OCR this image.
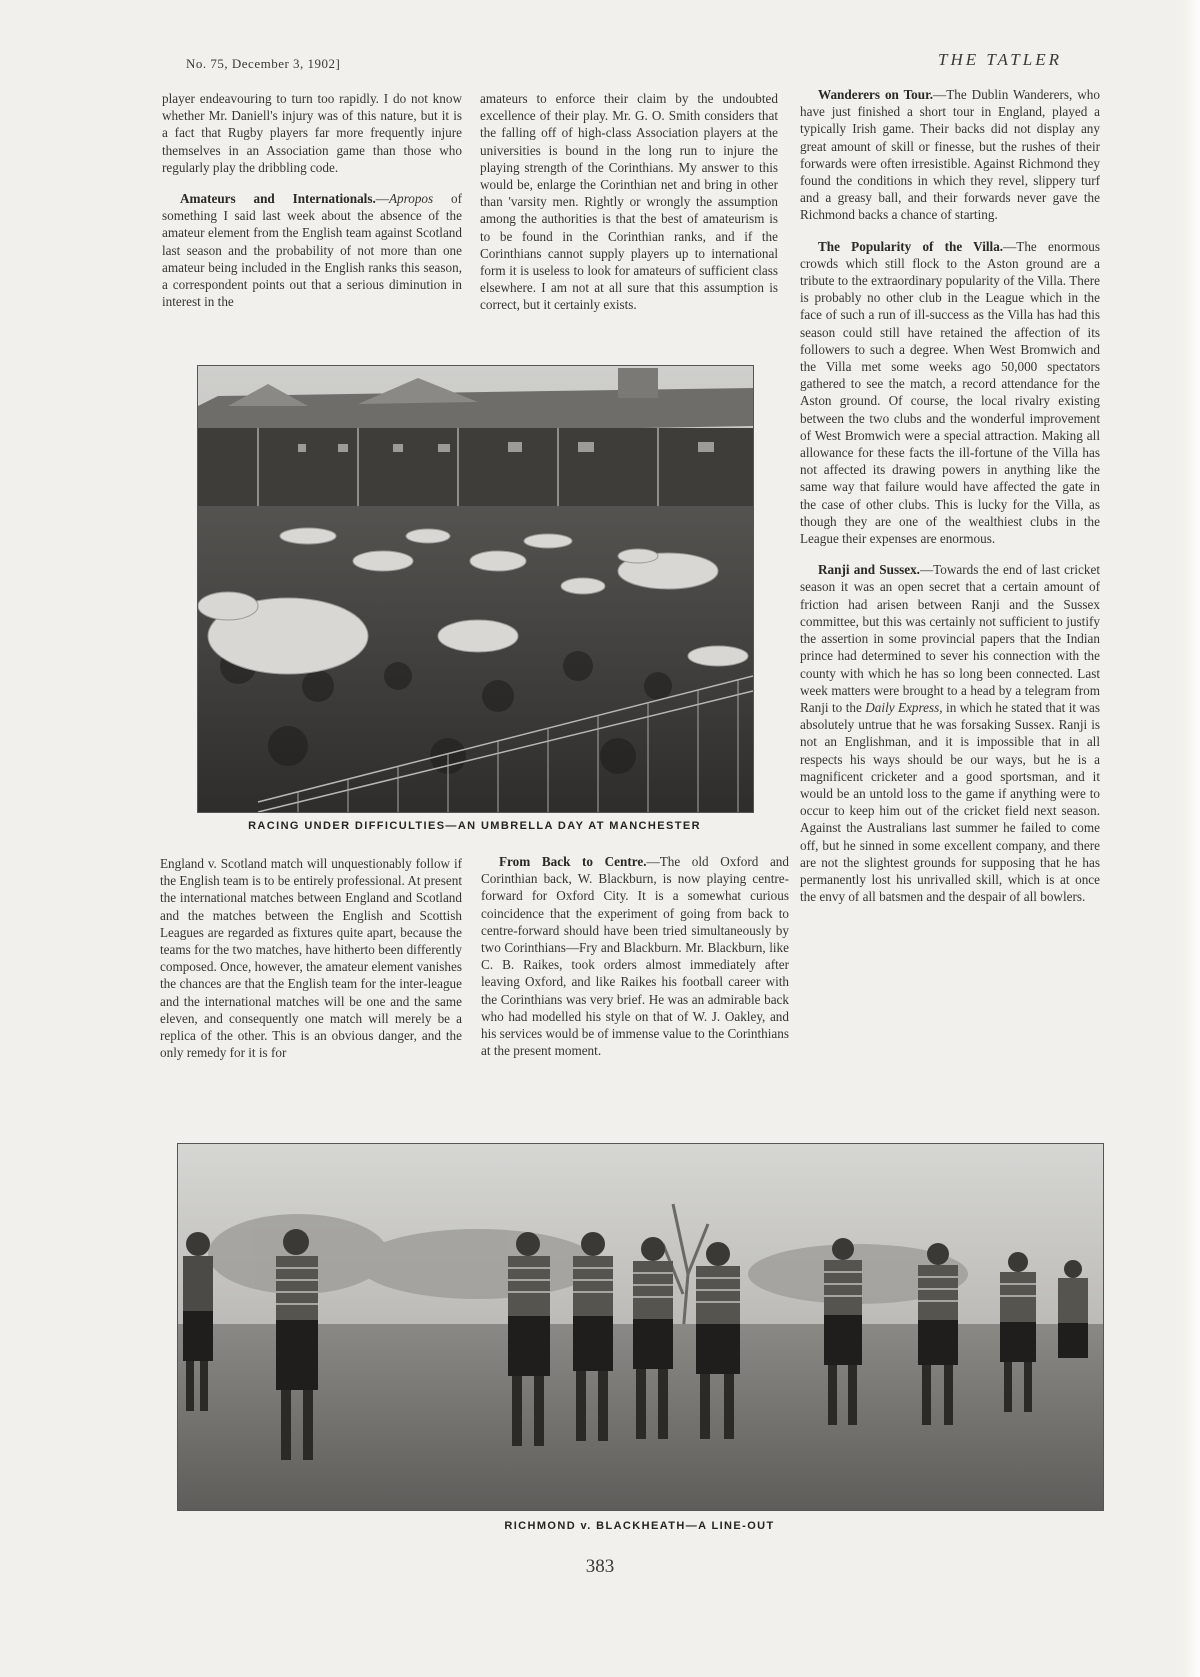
No. 75, December 3, 1902]	THE TATLER

player endeavouring to turn too rapidly. I do not know whether Mr. Daniell's injury was of this nature, but it is a fact that Rugby players far more frequently injure themselves in an Association game than those who regularly play the dribbling code.

Amateurs and Internationals.—Apropos of something I said last week about the absence of the amateur element from the English team against Scotland last season and the probability of not more than one amateur being included in the English ranks this season, a correspondent points out that a serious diminution in interest in the

amateurs to enforce their claim by the undoubted excellence of their play. Mr. G. O. Smith considers that the falling off of high-class Association players at the universities is bound in the long run to injure the playing strength of the Corinthians. My answer to this would be, enlarge the Corinthian net and bring in other than 'varsity men. Rightly or wrongly the assumption among the authorities is that the best of amateurism is to be found in the Corinthian ranks, and if the Corinthians cannot supply players up to international form it is useless to look for amateurs of sufficient class elsewhere. I am not at all sure that this assumption is correct, but it certainly exists.

Wanderers on Tour.—The Dublin Wanderers, who have just finished a short tour in England, played a typically Irish game. Their backs did not display any great amount of skill or finesse, but the rushes of their forwards were often irresistible. Against Richmond they found the conditions in which they revel, slippery turf and a greasy ball, and their forwards never gave the Richmond backs a chance of starting.

The Popularity of the Villa.—The enormous crowds which still flock to the Aston ground are a tribute to the extraordinary popularity of the Villa. There is probably no other club in the League which in the face of such a run of ill-success as the Villa has had this season could still have retained the affection of its followers to such a degree. When West Bromwich and the Villa met some weeks ago 50,000 spectators gathered to see the match, a record attendance for the Aston ground. Of course, the local rivalry existing between the two clubs and the wonderful improvement of West Bromwich were a special attraction. Making all allowance for these facts the ill-fortune of the Villa has not affected its drawing powers in anything like the same way that failure would have affected the gate in the case of other clubs. This is lucky for the Villa, as though they are one of the wealthiest clubs in the League their expenses are enormous.

Ranji and Sussex.—Towards the end of last cricket season it was an open secret that a certain amount of friction had arisen between Ranji and the Sussex committee, but this was certainly not sufficient to justify the assertion in some provincial papers that the Indian prince had determined to sever his connection with the county with which he has so long been connected. Last week matters were brought to a head by a telegram from Ranji to the Daily Express, in which he stated that it was absolutely untrue that he was forsaking Sussex. Ranji is not an Englishman, and it is impossible that in all respects his ways should be our ways, but he is a magnificent cricketer and a good sportsman, and it would be an untold loss to the game if anything were to occur to keep him out of the cricket field next season. Against the Australians last summer he failed to come off, but he sinned in some excellent company, and there are not the slightest grounds for supposing that he has permanently lost his unrivalled skill, which is at once the envy of all batsmen and the despair of all bowlers.

RACING UNDER DIFFICULTIES—AN UMBRELLA DAY AT MANCHESTER

England v. Scotland match will unquestionably follow if the English team is to be entirely professional. At present the international matches between England and Scotland and the matches between the English and Scottish Leagues are regarded as fixtures quite apart, because the teams for the two matches, have hitherto been differently composed. Once, however, the amateur element vanishes the chances are that the English team for the inter-league and the international matches will be one and the same eleven, and consequently one match will merely be a replica of the other. This is an obvious danger, and the only remedy for it is for

From Back to Centre.—The old Oxford and Corinthian back, W. Blackburn, is now playing centre-forward for Oxford City. It is a somewhat curious coincidence that the experiment of going from back to centre-forward should have been tried simultaneously by two Corinthians—Fry and Blackburn. Mr. Blackburn, like C. B. Raikes, took orders almost immediately after leaving Oxford, and like Raikes his football career with the Corinthians was very brief. He was an admirable back who had modelled his style on that of W. J. Oakley, and his services would be of immense value to the Corinthians at the present moment.

RICHMOND v. BLACKHEATH—A LINE-OUT
383
